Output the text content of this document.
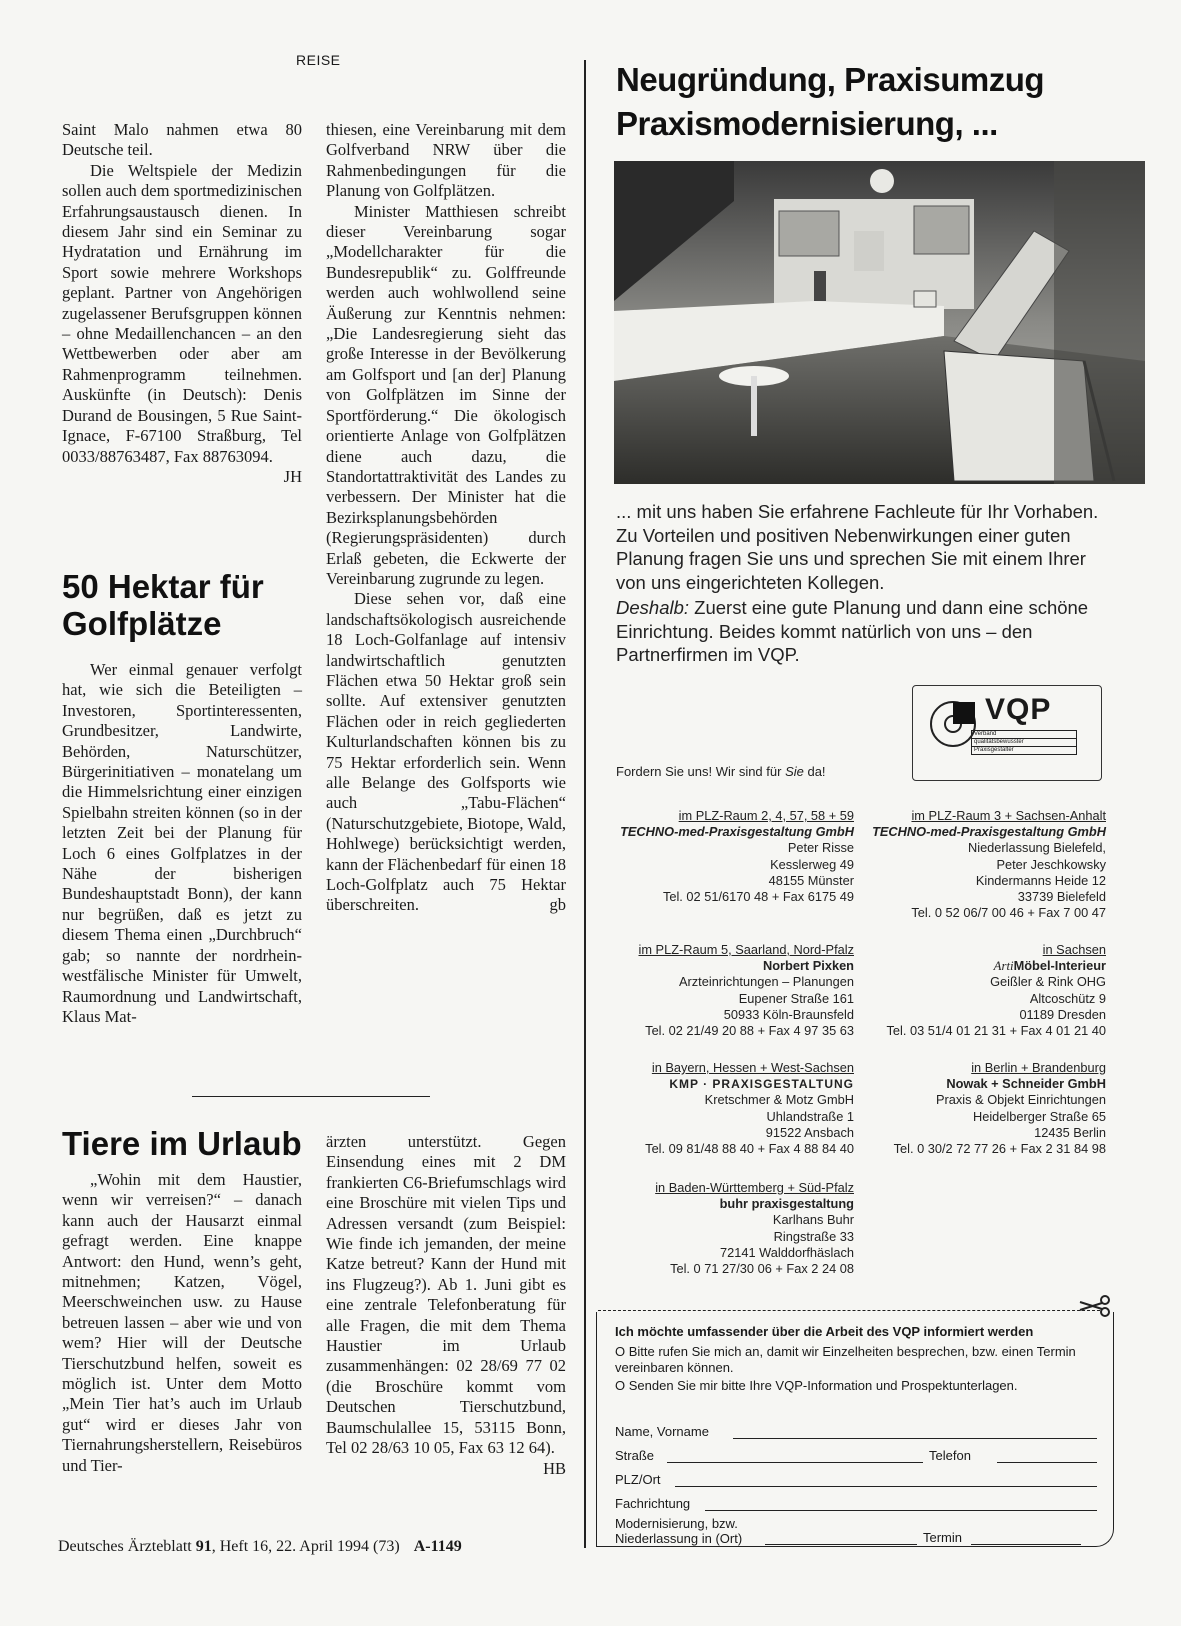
REISE

Saint Malo nahmen etwa 80 Deutsche teil.

Die Weltspiele der Medizin sollen auch dem sportmedizinischen Erfahrungsaustausch dienen. In diesem Jahr sind ein Seminar zu Hydratation und Ernährung im Sport sowie mehrere Workshops geplant. Partner von Angehörigen zugelassener Berufsgruppen können – ohne Medaillenchancen – an den Wettbewerben oder aber am Rahmenprogramm teilnehmen. Auskünfte (in Deutsch): Denis Durand de Bousingen, 5 Rue Saint-Ignace, F-67100 Straßburg, Tel 0033/88763487, Fax 88763094.
JH

50 Hektar für
Golfplätze

Wer einmal genauer verfolgt hat, wie sich die Beteiligten – Investoren, Sportinteressenten, Grundbesitzer, Landwirte, Behörden, Naturschützer, Bürgerinitiativen – monatelang um die Himmelsrichtung einer einzigen Spielbahn streiten können (so in der letzten Zeit bei der Planung für Loch 6 eines Golfplatzes in der Nähe der bisherigen Bundeshauptstadt Bonn), der kann nur begrüßen, daß es jetzt zu diesem Thema einen „Durchbruch“ gab; so nannte der nordrhein-westfälische Minister für Umwelt, Raumordnung und Landwirtschaft, Klaus Mat-

thiesen, eine Vereinbarung mit dem Golfverband NRW über die Rahmenbedingungen für die Planung von Golfplätzen.

Minister Matthiesen schreibt dieser Vereinbarung sogar „Modellcharakter für die Bundesrepublik“ zu. Golffreunde werden auch wohlwollend seine Äußerung zur Kenntnis nehmen: „Die Landesregierung sieht das große Interesse in der Bevölkerung am Golfsport und [an der] Planung von Golfplätzen im Sinne der Sportförderung.“ Die ökologisch orientierte Anlage von Golfplätzen diene auch dazu, die Standortattraktivität des Landes zu verbessern. Der Minister hat die Bezirksplanungsbehörden (Regierungspräsidenten) durch Erlaß gebeten, die Eckwerte der Vereinbarung zugrunde zu legen.

Diese sehen vor, daß eine landschaftsökologisch ausreichende 18 Loch-Golfanlage auf intensiv landwirtschaftlich genutzten Flächen etwa 50 Hektar groß sein sollte. Auf extensiver genutzten Flächen oder in reich gegliederten Kulturlandschaften können bis zu 75 Hektar erforderlich sein. Wenn alle Belange des Golfsports wie auch „Tabu-Flächen“ (Naturschutzgebiete, Biotope, Wald, Hohlwege) berücksichtigt werden, kann der Flächenbedarf für einen 18 Loch-Golfplatz auch 75 Hektar überschreiten.	gb

Tiere im Urlaub

„Wohin mit dem Haustier, wenn wir verreisen?“ – danach kann auch der Hausarzt einmal gefragt werden. Eine knappe Antwort: den Hund, wenn’s geht, mitnehmen; Katzen, Vögel, Meerschweinchen usw. zu Hause betreuen lassen – aber wie und von wem? Hier will der Deutsche Tierschutzbund helfen, soweit es möglich ist. Unter dem Motto „Mein Tier hat’s auch im Urlaub gut“ wird er dieses Jahr von Tiernahrungsherstellern, Reisebüros und Tier-

ärzten unterstützt. Gegen Einsendung eines mit 2 DM frankierten C6-Briefumschlags wird eine Broschüre mit vielen Tips und Adressen versandt (zum Beispiel: Wie finde ich jemanden, der meine Katze betreut? Kann der Hund mit ins Flugzeug?). Ab 1. Juni gibt es eine zentrale Telefonberatung für alle Fragen, die mit dem Thema Haustier im Urlaub zusammenhängen: 02 28/69 77 02 (die Broschüre kommt vom Deutschen Tierschutzbund, Baumschulallee 15, 53115 Bonn, Tel 02 28/63 10 05, Fax 63 12 64).
HB

Deutsches Ärzteblatt 91, Heft 16, 22. April 1994 (73) A-1149
Neugründung, Praxisumzug
Praxismodernisierung, ...
... mit uns haben Sie erfahrene Fachleute für Ihr Vorhaben. Zu Vorteilen und positiven Nebenwirkungen einer guten Planung fragen Sie uns und sprechen Sie mit einem Ihrer von uns eingerichteten Kollegen.
Deshalb: Zuerst eine gute Planung und dann eine schöne Einrichtung. Beides kommt natürlich von uns – den Partnerfirmen im VQP.
VQP
Verband
qualitätsbewusster
Praxisgestalter
Fordern Sie uns! Wir sind für Sie da!
im PLZ-Raum 2, 4, 57, 58 + 59
TECHNO-med-Praxisgestaltung GmbH
Peter Risse
Kesslerweg 49
48155 Münster
Tel. 02 51/6170 48 + Fax 6175 49
im PLZ-Raum 3 + Sachsen-Anhalt
TECHNO-med-Praxisgestaltung GmbH
Niederlassung Bielefeld,
Peter Jeschkowsky
Kindermanns Heide 12
33739 Bielefeld
Tel. 0 52 06/7 00 46 + Fax 7 00 47
im PLZ-Raum 5, Saarland, Nord-Pfalz
Norbert Pixken
Arzteinrichtungen – Planungen
Eupener Straße 161
50933 Köln-Braunsfeld
Tel. 02 21/49 20 88 + Fax 4 97 35 63
in Sachsen
ArtiMöbel-Interieur
Geißler & Rink OHG
Altcoschütz 9
01189 Dresden
Tel. 03 51/4 01 21 31 + Fax 4 01 21 40
in Bayern, Hessen + West-Sachsen
KMP · PRAXISGESTALTUNG
Kretschmer & Motz GmbH
Uhlandstraße 1
91522 Ansbach
Tel. 09 81/48 88 40 + Fax 4 88 84 40
in Berlin + Brandenburg
Nowak + Schneider GmbH
Praxis & Objekt Einrichtungen
Heidelberger Straße 65
12435 Berlin
Tel. 0 30/2 72 77 26 + Fax 2 31 84 98
in Baden-Württemberg + Süd-Pfalz
buhr praxisgestaltung
Karlhans Buhr
Ringstraße 33
72141 Walddorfhäslach
Tel. 0 71 27/30 06 + Fax 2 24 08
Ich möchte umfassender über die Arbeit des VQP informiert werden
O Bitte rufen Sie mich an, damit wir Einzelheiten besprechen, bzw. einen Termin vereinbaren können.
O Senden Sie mir bitte Ihre VQP-Information und Prospektunterlagen.
Name, Vorname
Straße	Telefon
PLZ/Ort
Fachrichtung
Modernisierung, bzw.
Niederlassung in (Ort)	Termin
